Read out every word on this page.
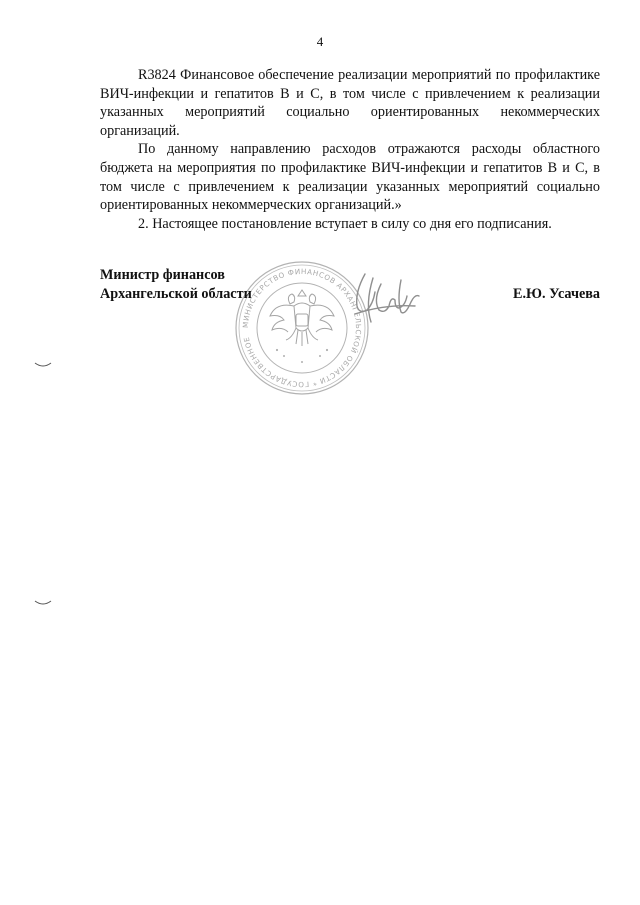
4

R3824 Финансовое обеспечение реализации мероприятий по профилактике ВИЧ-инфекции и гепатитов В и С, в том числе с привлечением к реализации указанных мероприятий социально ориентированных некоммерческих организаций.

По данному направлению расходов отражаются расходы областного бюджета на мероприятия по профилактике ВИЧ-инфекции и гепатитов В и С, в том числе с привлечением к реализации указанных мероприятий социально ориентированных некоммерческих организаций.»

2. Настоящее постановление вступает в силу со дня его подписания.

МИНИСТЕРСТВО ФИНАНСОВ АРХАНГЕЛЬСКОЙ ОБЛАСТИ * ГОСУДАРСТВЕННОЕ
Министр финансов
Архангельской области	Е.Ю. Усачева
